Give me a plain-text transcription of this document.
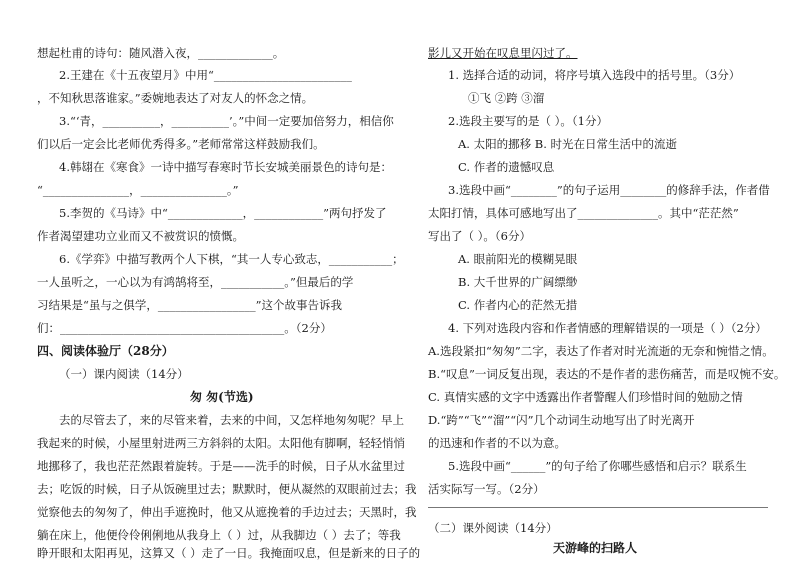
想起杜甫的诗句：随风潜入夜，_____________。
2.王建在《十五夜望月》中用“________________________
，不知秋思落谁家。”委婉地表达了对友人的怀念之情。
3.“‘青，__________，__________’。”中间一定要加倍努力，相信你
们以后一定会比老师优秀得多。”老师常常这样鼓励我们。
4.韩翃在《寒食》一诗中描写春寒时节长安城美丽景色的诗句是：
“_______________，_______________。”
5.李贺的《马诗》中“_____________，____________”两句抒发了
作者渴望建功立业而又不被赏识的愤慨。
6.《学弈》中描写教两个人下棋，“其一人专心致志，___________；
一人虽听之，一心以为有鸿鹄将至，___________。”但最后的学
习结果是“虽与之俱学，_________________”这个故事告诉我
们：_______________________________________。（2分）
四、阅读体验厅（28分）
（一）课内阅读（14分）
匆 匆(节选)
去的尽管去了，来的尽管来着，去来的中间，又怎样地匆匆呢？早上
我起来的时候，小屋里射进两三方斜斜的太阳。太阳他有脚啊，轻轻悄悄
地挪移了，我也茫茫然跟着旋转。于是——洗手的时候，日子从水盆里过
去；吃饭的时候，日子从饭碗里过去；默默时，便从凝然的双眼前过去；我
觉察他去的匆匆了，伸出手遮挽时，他又从遮挽着的手边过去；天黑时，我
躺在床上，他便伶伶俐俐地从我身上（ ）过，从我脚边（ ）去了；等我
睁开眼和太阳再见，这算又（ ）走了一日。我掩面叹息，但是新来的日子的
影儿又开始在叹息里闪过了。
1. 选择合适的动词，将序号填入选段中的括号里。（3分）
①飞 ②跨 ③溜
2.选段主要写的是（ ）。（1分）
A. 太阳的挪移 B. 时光在日常生活中的流逝
C. 作者的遗憾叹息
3.选段中画“________”的句子运用________的修辞手法，作者借
太阳打情，具体可感地写出了______________。其中“茫茫然”
写出了（ ）。（6分）
A. 眼前阳光的模糊晃眼
B. 大千世界的广阔缥缈
C. 作者内心的茫然无措
4. 下列对选段内容和作者情感的理解错误的一项是（ ）（2分）
A.选段紧扣“匆匆”二字，表达了作者对时光流逝的无奈和惋惜之情。
B.“叹息”一词反复出现，表达的不是作者的悲伤痛苦，而是叹惋不安。
C. 真情实感的文字中透露出作者警醒人们珍惜时间的勉励之情
D.“跨”“飞”“溜”“闪”几个动词生动地写出了时光离开
的迅速和作者的不以为意。
5.选段中画“______”的句子给了你哪些感悟和启示？联系生
活实际写一写。（2分）
（二）课外阅读（14分）
天游峰的扫路人
